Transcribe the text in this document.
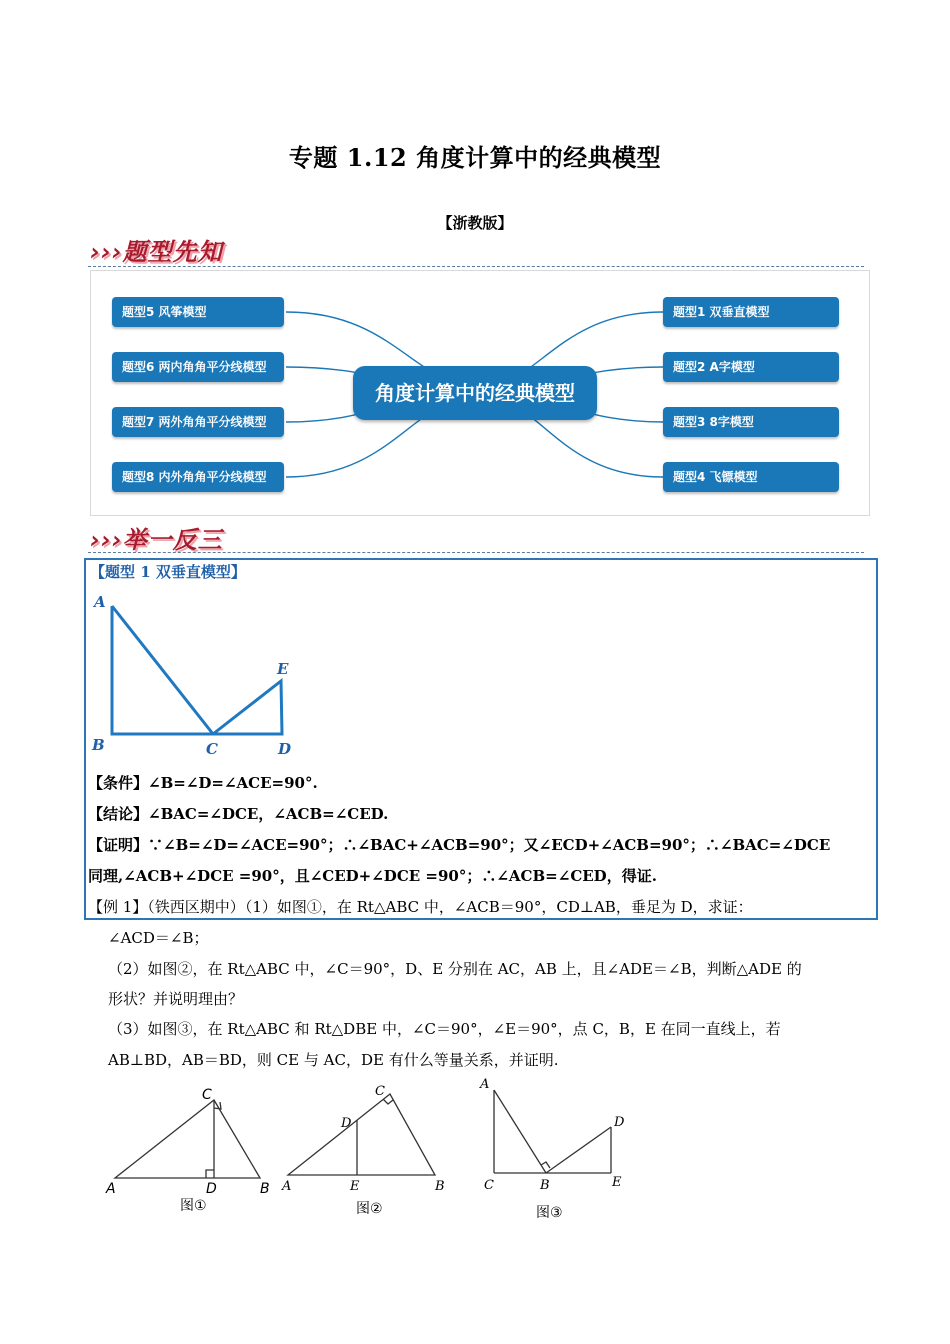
专题 1.12 角度计算中的经典模型
【浙教版】
›››题型先知
题型5 风筝模型
题型6 两内角角平分线模型
题型7 两外角角平分线模型
题型8 内外角角平分线模型
题型1 双垂直模型
题型2 A字模型
题型3 8字模型
题型4 飞镖模型
角度计算中的经典模型
›››举一反三
【题型 1 双垂直模型】
A
B	C	D
E
【条件】∠B=∠D=∠ACE=90°.
【结论】∠BAC=∠DCE，∠ACB=∠CED.
【证明】∵∠B=∠D=∠ACE=90°；∴∠BAC+∠ACB=90°；又∠ECD+∠ACB=90°；∴∠BAC=∠DCE
同理,∠ACB+∠DCE =90°，且∠CED+∠DCE =90°；∴∠ACB=∠CED，得证.
【例 1】（铁西区期中）（1）如图①，在 Rt△ABC 中，∠ACB＝90°，CD⊥AB，垂足为 D，求证：
∠ACD＝∠B；
（2）如图②，在 Rt△ABC 中，∠C＝90°，D、E 分别在 AC，AB 上，且∠ADE＝∠B，判断△ADE 的
形状？并说明理由？
（3）如图③，在 Rt△ABC 和 Rt△DBE 中，∠C＝90°，∠E＝90°，点 C，B，E 在同一直线上，若
AB⊥BD，AB＝BD，则 CE 与 AC，DE 有什么等量关系，并证明.
A	B
C
D
图①
A	B
C
D
E
图②
A
B
C
D
E
图③
